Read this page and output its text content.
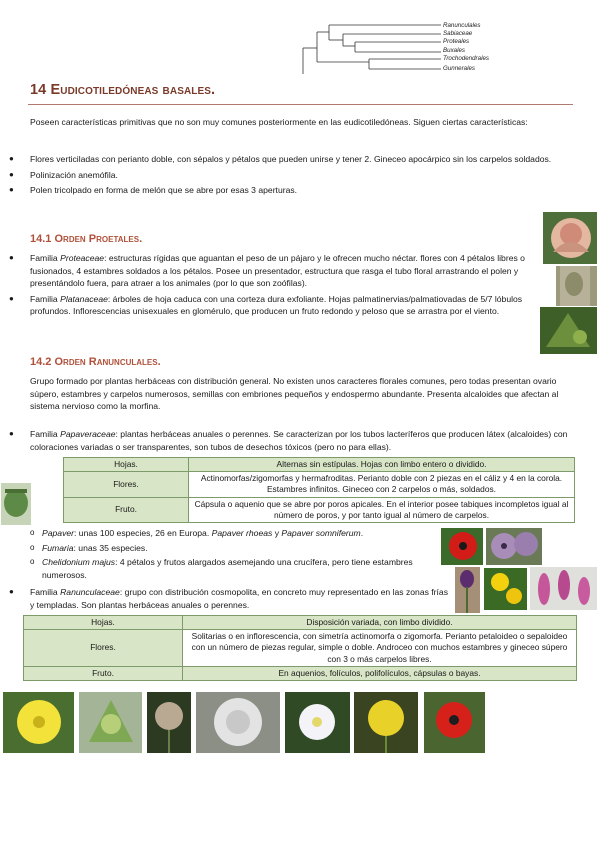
Ranunculales
Sabiaceae
Proteales
Buxales
Trochodendrales
Gunnerales
14 Eudicotiledóneas basales.

Poseen características primitivas que no son muy comunes posteriormente en las eudicotiledóneas. Siguen ciertas características:

● Flores verticiladas con perianto doble, con sépalos y pétalos que pueden unirse y tener 2. Gineceo apocárpico sin los carpelos soldados.
● Polinización anemófila.
● Polen tricolpado en forma de melón que se abre por esas 3 aperturas.
14.1 Orden Proetales.
● Familia Proteaceae: estructuras rígidas que aguantan el peso de un pájaro y le ofrecen mucho néctar. flores con 4 pétalos libres o fusionados, 4 estambres soldados a los pétalos. Posee un presentador, estructura que rasga el tubo floral arrastrando el polen y presentándolo fuera, para atraer a los animales (por lo que son zoófilas).
● Familia Platanaceae: árboles de hoja caduca con una corteza dura exfoliante. Hojas palmatinervias/palmatiovadas de 5/7 lóbulos profundos. Inflorescencias unisexuales en glomérulo, que producen un fruto redondo y peloso que se arrastra por el viento.
14.2 Orden Ranunculales.

Grupo formado por plantas herbáceas con distribución general. No existen unos caracteres florales comunes, pero todas presentan ovario súpero, estambres y carpelos numerosos, semillas con embriones pequeños y endospermo abundante. Presenta alcaloides que afectan al sistema nervioso como la morfina.

● Familia Papaveraceae: plantas herbáceas anuales o perennes. Se caracterizan por los tubos lacteríferos que producen látex (alcaloides) con coloraciones variadas o ser transparentes, son tubos de desechos tóxicos (pero no para ellas).
Hojas.	Alternas sin estípulas. Hojas con limbo entero o dividido.
Flores.	Actinomorfas/zigomorfas y hermafroditas. Perianto doble con 2 piezas en el cáliz y 4 en la corola. Estambres infinitos. Gineceo con 2 carpelos o más, soldados.
Fruto.	Cápsula o aquenio que se abre por poros apicales. En el interior posee tabiques incompletos igual al número de poros, y por tanto igual al número de carpelos.
o Papaver: unas 100 especies, 26 en Europa. Papaver rhoeas y Papaver somniferum.
o Fumaria: unas 35 especies.
o Chelidonium majus: 4 pétalos y frutos alargados asemejando una crucífera, pero tiene estambres numerosos.
● Familia Ranunculaceae: grupo con distribución cosmopolita, en concreto muy representado en las zonas frías y templadas. Son plantas herbáceas anuales o perennes.
Hojas.	Disposición variada, con limbo dividido.
Flores.	Solitarias o en inflorescencia, con simetría actinomorfa o zigomorfa. Perianto petaloideo o sepaloideo con un número de piezas regular, simple o doble. Androceo con muchos estambres y gineceo súpero con 3 o más carpelos libres.
Fruto.	En aquenios, folículos, polifolículos, cápsulas o bayas.
